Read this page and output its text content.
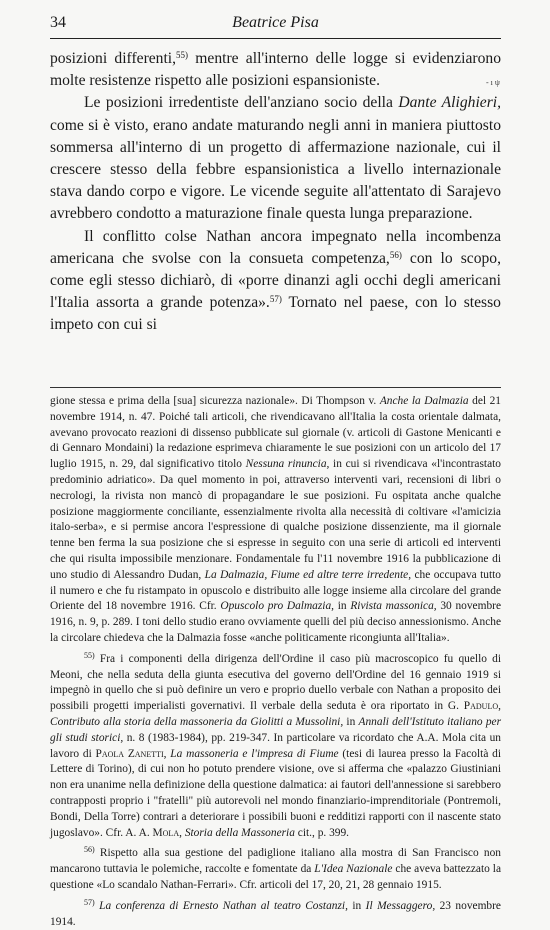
34	Beatrice Pisa

posizioni differenti,$^{55)}$ mentre all'interno delle logge si evidenziarono molte resistenze rispetto alle posizioni espansioniste.

Le posizioni irredentiste dell'anziano socio della Dante Alighieri, come si è visto, erano andate maturando negli anni in maniera piuttosto sommersa all'interno di un progetto di affermazione nazionale, cui il crescere stesso della febbre espansionistica a livello internazionale stava dando corpo e vigore. Le vicende seguite all'attentato di Sarajevo avrebbero condotto a maturazione finale questa lunga preparazione.

Il conflitto colse Nathan ancora impegnato nella incombenza americana che svolse con la consueta competenza,$^{56)}$ con lo scopo, come egli stesso dichiarò, di «porre dinanzi agli occhi degli americani l'Italia assorta a grande potenza».$^{57)}$ Tornato nel paese, con lo stesso impeto con cui si

- ı ψ

gione stessa e prima della [sua] sicurezza nazionale». Di Thompson v. Anche la Dalmazia del 21 novembre 1914, n. 47. Poiché tali articoli, che rivendicavano all'Italia la costa orientale dalmata, avevano provocato reazioni di dissenso pubblicate sul giornale (v. articoli di Gastone Menicanti e di Gennaro Mondaini) la redazione esprimeva chiaramente le sue posizioni con un articolo del 17 luglio 1915, n. 29, dal significativo titolo Nessuna rinuncia, in cui si rivendicava «l'incontrastato predominio adriatico». Da quel momento in poi, attraverso interventi vari, recensioni di libri o necrologi, la rivista non mancò di propagandare le sue posizioni. Fu ospitata anche qualche posizione maggiormente conciliante, essenzialmente rivolta alla necessità di coltivare «l'amicizia italo-serba», e si permise ancora l'espressione di qualche posizione dissenziente, ma il giornale tenne ben ferma la sua posizione che si espresse in seguito con una serie di articoli ed interventi che qui risulta impossibile menzionare. Fondamentale fu l'11 novembre 1916 la pubblicazione di uno studio di Alessandro Dudan, La Dalmazia, Fiume ed altre terre irredente, che occupava tutto il numero e che fu ristampato in opuscolo e distribuito alle logge insieme alla circolare del grande Oriente del 18 novembre 1916. Cfr. Opuscolo pro Dalmazia, in Rivista massonica, 30 novembre 1916, n. 9, p. 289. I toni dello studio erano ovviamente quelli del più deciso annessionismo. Anche la circolare chiedeva che la Dalmazia fosse «anche politicamente ricongiunta all'Italia».

$^{55)}$ Fra i componenti della dirigenza dell'Ordine il caso più macroscopico fu quello di Meoni, che nella seduta della giunta esecutiva del governo dell'Ordine del 16 gennaio 1919 si impegnò in quello che si può definire un vero e proprio duello verbale con Nathan a proposito dei possibili progetti imperialisti governativi. Il verbale della seduta è ora riportato in G. Padulo, Contributo alla storia della massoneria da Giolitti a Mussolini, in Annali dell'Istituto italiano per gli studi storici, n. 8 (1983-1984), pp. 219-347. In particolare va ricordato che A.A. Mola cita un lavoro di Paola Zanetti, La massoneria e l'impresa di Fiume (tesi di laurea presso la Facoltà di Lettere di Torino), di cui non ho potuto prendere visione, ove si afferma che «palazzo Giustiniani non era unanime nella definizione della questione dalmatica: ai fautori dell'annessione si sarebbero contrapposti proprio i "fratelli" più autorevoli nel mondo finanziario-imprenditoriale (Pontremoli, Bondi, Della Torre) contrari a deteriorare i possibili buoni e redditizi rapporti con il nascente stato jugoslavo». Cfr. A. A. Mola, Storia della Massoneria cit., p. 399.

$^{56)}$ Rispetto alla sua gestione del padiglione italiano alla mostra di San Francisco non mancarono tuttavia le polemiche, raccolte e fomentate da L'Idea Nazionale che aveva battezzato la questione «Lo scandalo Nathan-Ferrari». Cfr. articoli del 17, 20, 21, 28 gennaio 1915.

$^{57)}$ La conferenza di Ernesto Nathan al teatro Costanzi, in Il Messaggero, 23 novembre 1914.
